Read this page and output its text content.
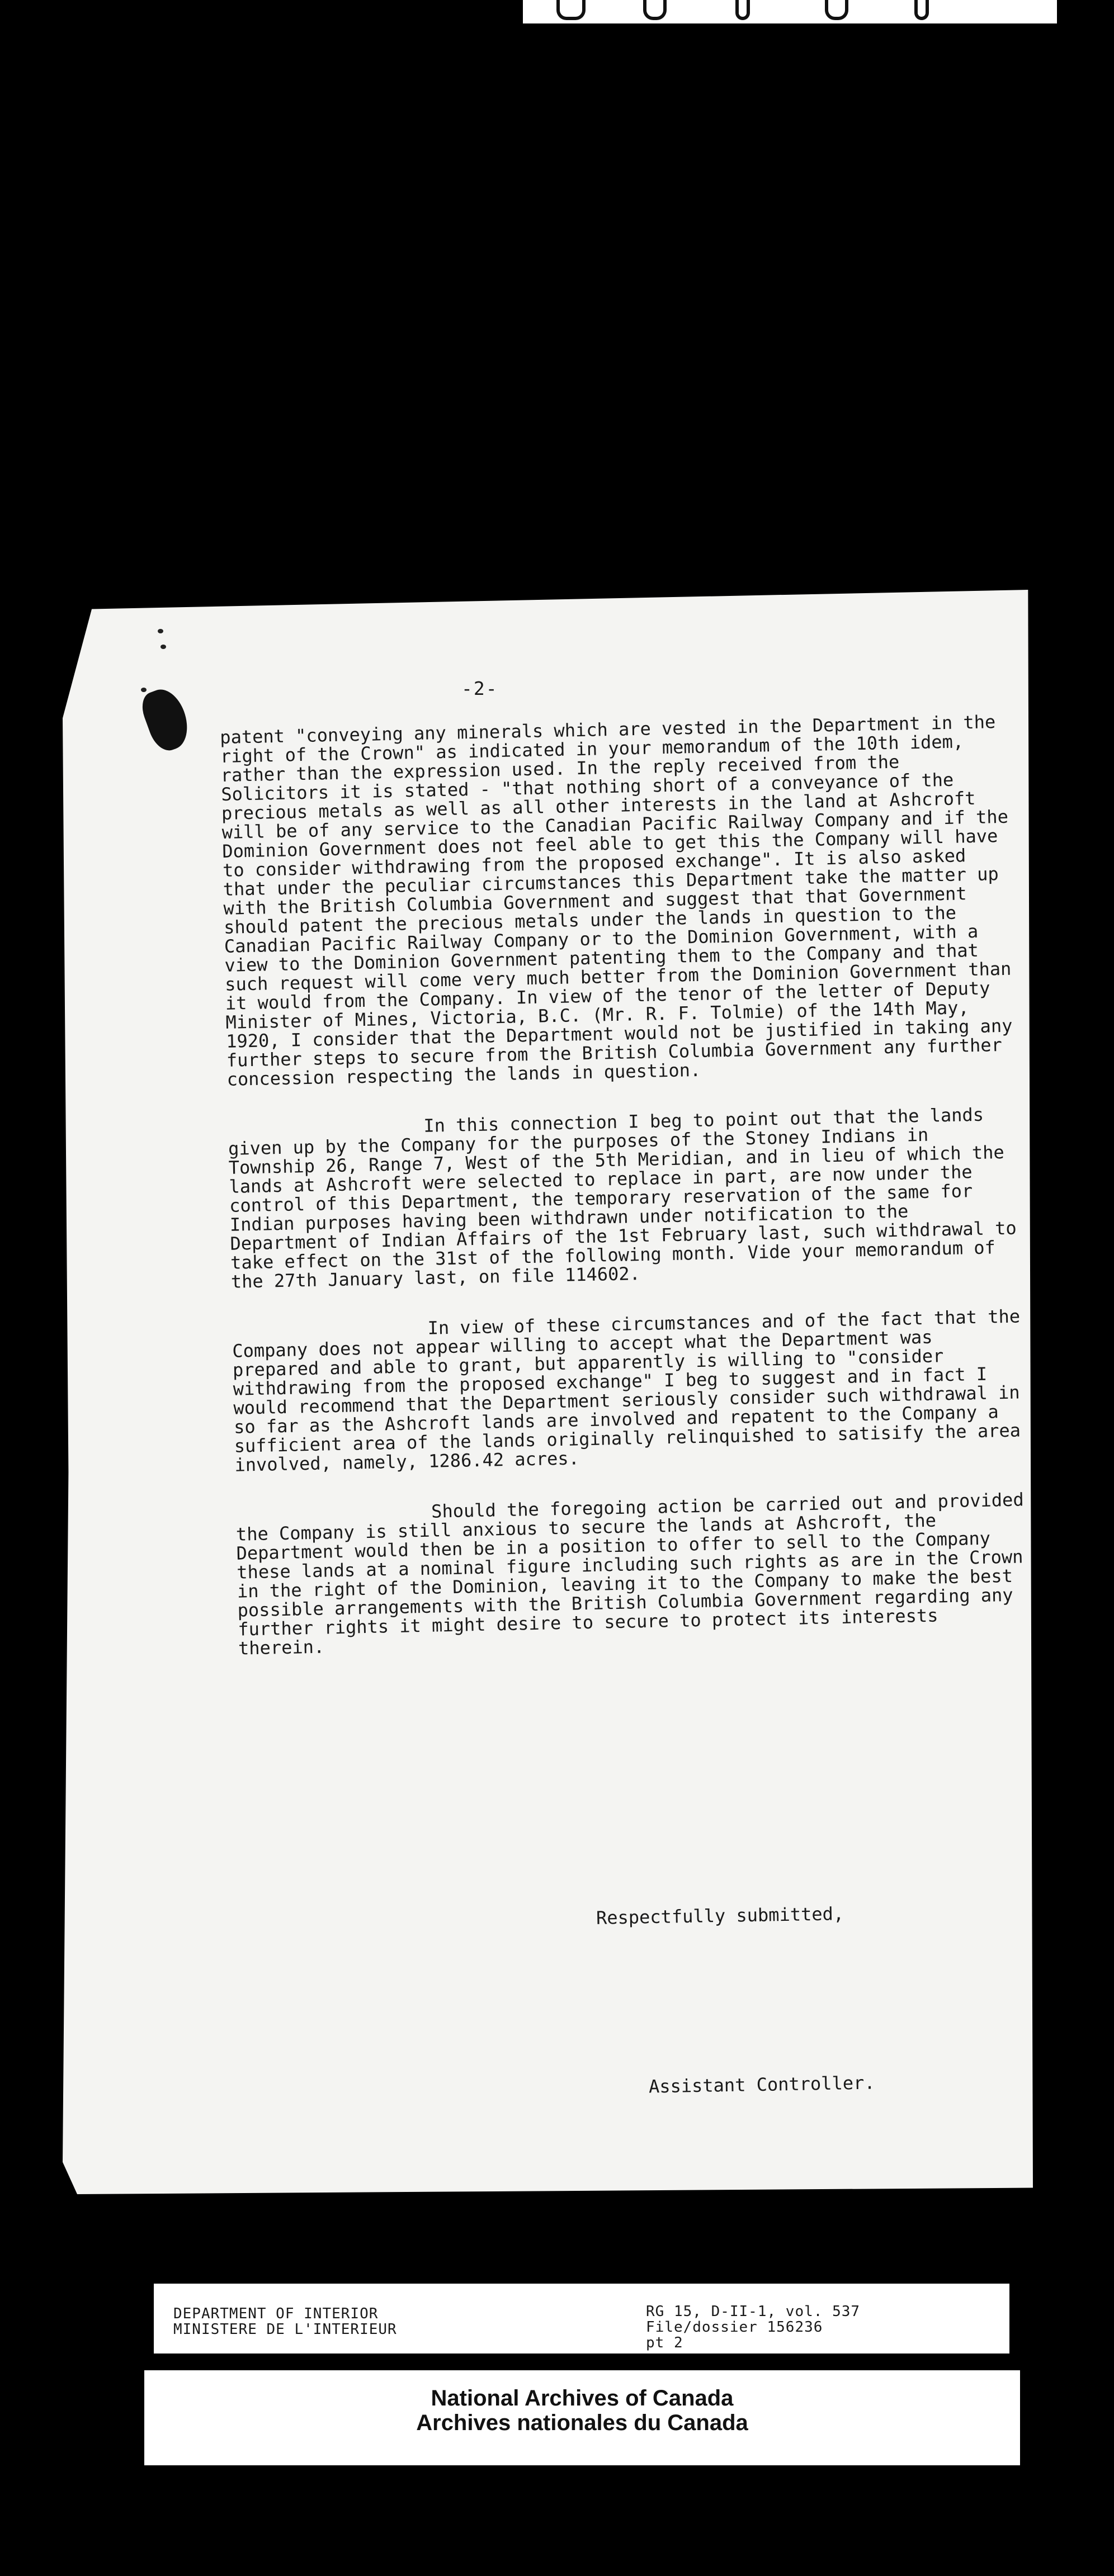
-2-

patent "conveying any minerals which are vested in the Department in the right of the Crown" as indicated in your memorandum of the 10th idem, rather than the expression used. In the reply received from the Solicitors it is stated - "that nothing short of a conveyance of the precious metals as well as all other interests in the land at Ashcroft will be of any service to the Canadian Pacific Railway Company and if the Dominion Government does not feel able to get this the Company will have to consider withdrawing from the proposed exchange". It is also asked that under the peculiar circumstances this Department take the matter up with the British Columbia Government and suggest that that Government should patent the precious metals under the lands in question to the Canadian Pacific Railway Company or to the Dominion Government, with a view to the Dominion Government patenting them to the Company and that such request will come very much better from the Dominion Government than it would from the Company. In view of the tenor of the letter of Deputy Minister of Mines, Victoria, B.C. (Mr. R. F. Tolmie) of the 14th May, 1920, I consider that the Department would not be justified in taking any further steps to secure from the British Columbia Government any further concession respecting the lands in question.

In this connection I beg to point out that the lands given up by the Company for the purposes of the Stoney Indians in Township 26, Range 7, West of the 5th Meridian, and in lieu of which the lands at Ashcroft were selected to replace in part, are now under the control of this Department, the temporary reservation of the same for Indian purposes having been withdrawn under notification to the Department of Indian Affairs of the 1st February last, such withdrawal to take effect on the 31st of the following month. Vide your memorandum of the 27th January last, on file 114602.

In view of these circumstances and of the fact that the Company does not appear willing to accept what the Department was prepared and able to grant, but apparently is willing to "consider withdrawing from the proposed exchange" I beg to suggest and in fact I would recommend that the Department seriously consider such withdrawal in so far as the Ashcroft lands are involved and repatent to the Company a sufficient area of the lands originally relinquished to satisify the area involved, namely, 1286.42 acres.

Should the foregoing action be carried out and provided the Company is still anxious to secure the lands at Ashcroft, the Department would then be in a position to offer to sell to the Company these lands at a nominal figure including such rights as are in the Crown in the right of the Dominion, leaving it to the Company to make the best possible arrangements with the British Columbia Government regarding any further rights it might desire to secure to protect its interests therein.

Respectfully submitted,
Assistant Controller.
DEPARTMENT OF INTERIOR
MINISTERE DE L'INTERIEUR
RG 15, D-II-1, vol. 537
File/dossier 156236
pt 2
National Archives of Canada
Archives nationales du Canada
